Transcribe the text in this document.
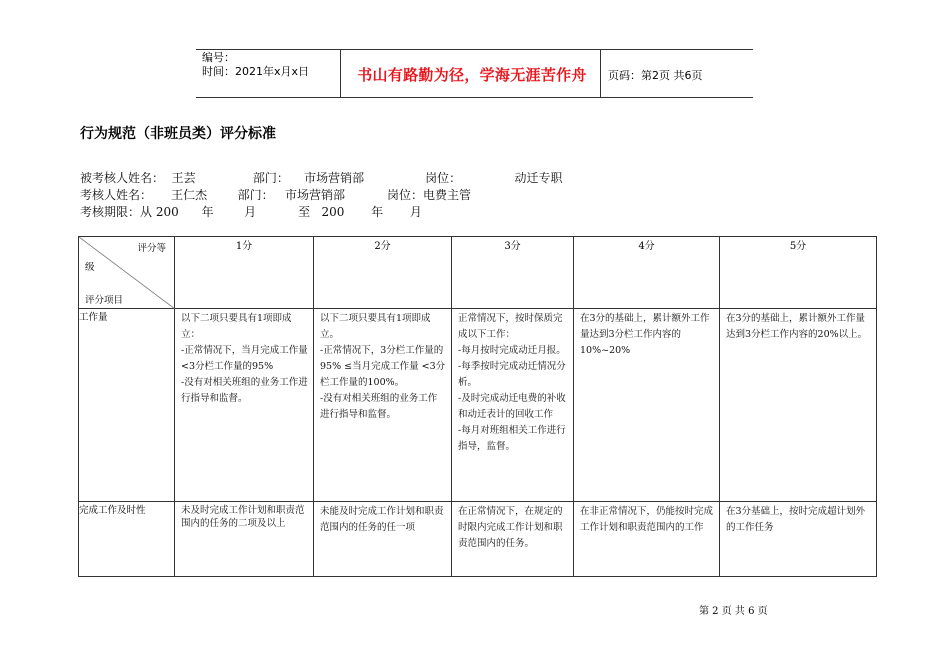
编号：
时间：2021年x月x日	书山有路勤为径，学海无涯苦作舟	页码：第2页 共6页
行为规范（非班员类）评分标准
被考核人姓名：  王芸               部门：    市场营销部                岗位：              动迁专职
考核人姓名：     王仁杰        部门：   市场营销部           岗位：电费主管
考核期限：从 200      年        月           至   200       年       月
评分等
级
评分项目	1分	2分	3分	4分	5分
工作量	以下二项只要具有1项即成立：
-正常情况下，当月完成工作量 <3分栏工作量的95%
-没有对相关班组的业务工作进行指导和监督。	以下二项只要具有1项即成立。
-正常情况下，3分栏工作量的95% ≤当月完成工作量 <3分栏工作量的100%。
-没有对相关班组的业务工作进行指导和监督。	正常情况下，按时保质完成以下工作：
-每月按时完成动迁月报。
-每季按时完成动迁情况分析。
-及时完成动迁电费的补收和动迁表计的回收工作
-每月对班组相关工作进行指导，监督。	在3分的基础上，累计额外工作量达到3分栏工作内容的10%~20%	在3分的基础上，累计额外工作量达到3分栏工作内容的20%以上。

完成工作及时性	未及时完成工作计划和职责范围内的任务的二项及以上	未能及时完成工作计划和职责范围内的任务的任一项	在正常情况下，在规定的时限内完成工作计划和职责范围内的任务。	在非正常情况下，仍能按时完成工作计划和职责范围内的工作	在3分基础上，按时完成超计划外的工作任务
第 2 页 共 6 页
